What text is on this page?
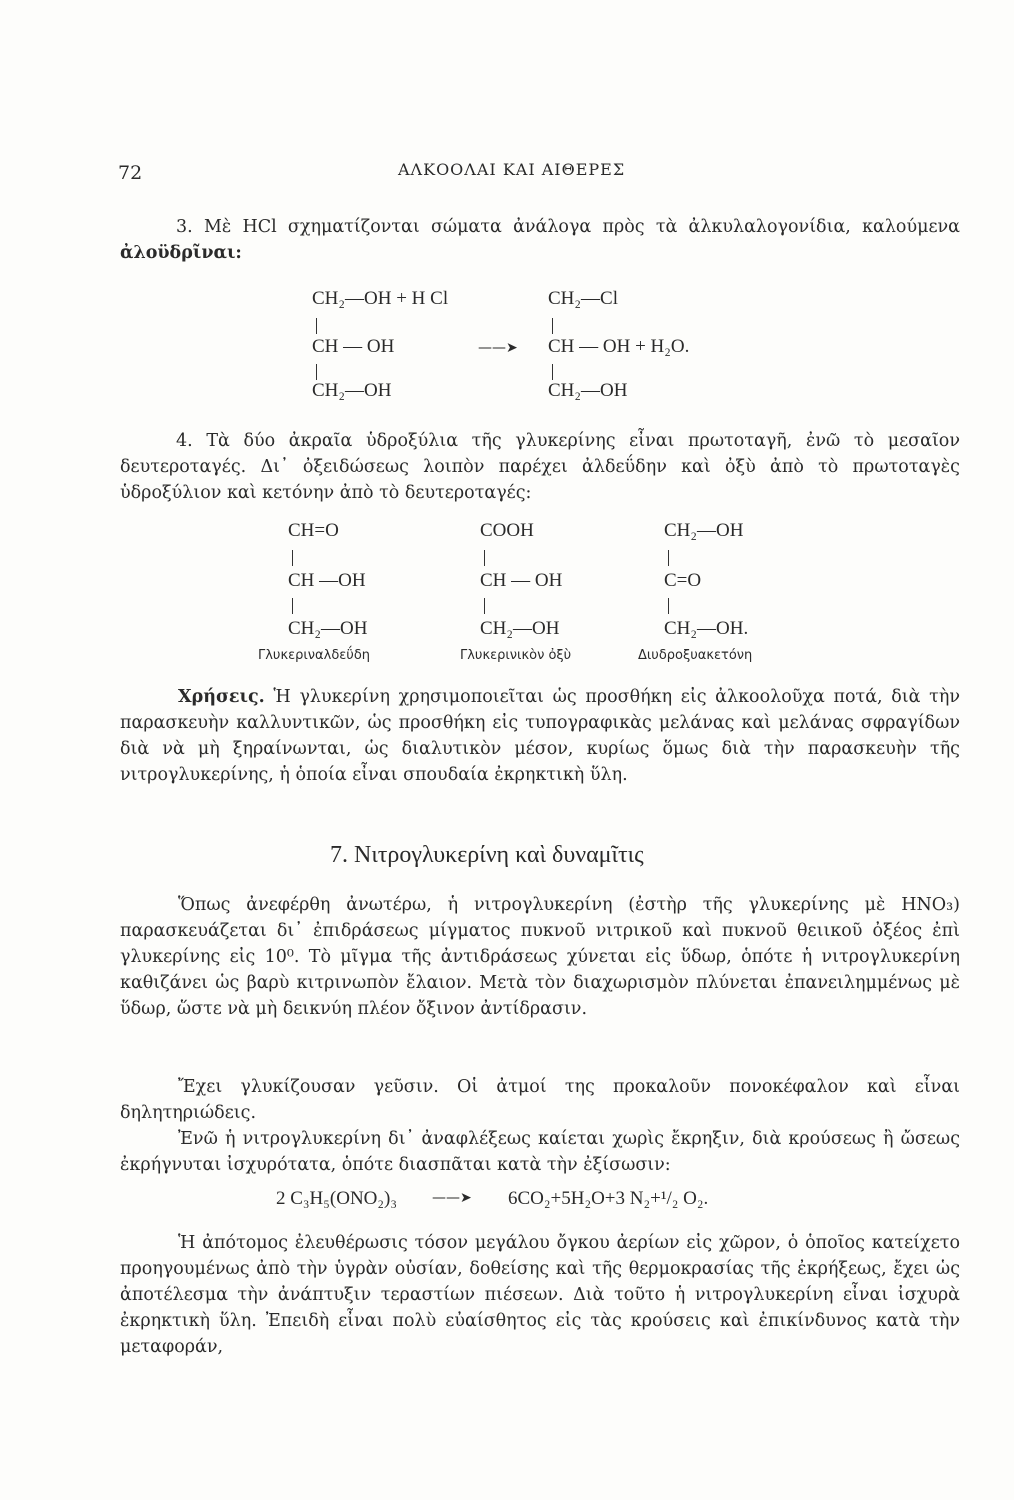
72	ΑΛΚΟΟΛΑΙ ΚΑΙ ΑΙΘΕΡΕΣ

3. Μὲ HCl σχηματίζονται σώματα ἀνάλογα πρὸς τὰ ἀλκυλαλογονίδια, καλούμενα ἀλοϋδρῖναι:

CH₂—OH + H Cl
CH — OH
CH₂—OH
——➤
CH₂—Cl
CH — OH + H₂O.
CH₂—OH

4. Τὰ δύο ἀκραῖα ὑδροξύλια τῆς γλυκερίνης εἶναι πρωτοταγῆ, ἐνῶ τὸ μεσαῖον δευτεροταγές. Δι᾽ ὀξειδώσεως λοιπὸν παρέχει ἀλδεΰδην καὶ ὀξὺ ἀπὸ τὸ πρωτοταγὲς ὑδροξύλιον καὶ κετόνην ἀπὸ τὸ δευτεροταγές:

CH=O
CH —OH
CH₂—OH
Γλυκεριναλδεΰδη
COOH
CH — OH
CH₂—OH
Γλυκερινικὸν ὀξὺ
CH₂—OH
C=O
CH₂—OH.
Διυδροξυακετόνη

Χρήσεις. Ἡ γλυκερίνη χρησιμοποιεῖται ὡς προσθήκη εἰς ἀλκοολοῦχα ποτά, διὰ τὴν παρασκευὴν καλλυντικῶν, ὡς προσθήκη εἰς τυπογραφικὰς μελάνας καὶ μελάνας σφραγίδων διὰ νὰ μὴ ξηραίνωνται, ὡς διαλυτικὸν μέσον, κυρίως ὅμως διὰ τὴν παρασκευὴν τῆς νιτρογλυκερίνης, ἡ ὁποία εἶναι σπουδαία ἐκρηκτικὴ ὕλη.

7. Νιτρογλυκερίνη καὶ δυναμῖτις

Ὅπως ἀνεφέρθη ἀνωτέρω, ἡ νιτρογλυκερίνη (ἐστὴρ τῆς γλυκερίνης μὲ HNO₃) παρασκευάζεται δι᾽ ἐπιδράσεως μίγματος πυκνοῦ νιτρικοῦ καὶ πυκνοῦ θειικοῦ ὀξέος ἐπὶ γλυκερίνης εἰς 10⁰. Τὸ μῖγμα τῆς ἀντιδράσεως χύνεται εἰς ὕδωρ, ὁπότε ἡ νιτρογλυκερίνη καθιζάνει ὡς βαρὺ κιτρινωπὸν ἔλαιον. Μετὰ τὸν διαχωρισμὸν πλύνεται ἐπανειλημμένως μὲ ὕδωρ, ὥστε νὰ μὴ δεικνύη πλέον ὄξινον ἀντίδρασιν.

Ἔχει γλυκίζουσαν γεῦσιν. Οἱ ἀτμοί της προκαλοῦν πονοκέφαλον καὶ εἶναι δηλητηριώδεις.

Ἐνῶ ἡ νιτρογλυκερίνη δι᾽ ἀναφλέξεως καίεται χωρὶς ἔκρηξιν, διὰ κρούσεως ἢ ὤσεως ἐκρήγνυται ἰσχυρότατα, ὁπότε διασπᾶται κατὰ τὴν ἐξίσωσιν:

2 C₃H₅(ONO₂)₃	——➤ 6CO₂+5H₂O+3 N₂+¹/₂ O₂.

Ἡ ἀπότομος ἐλευθέρωσις τόσον μεγάλου ὄγκου ἀερίων εἰς χῶρον, ὁ ὁποῖος κατείχετο προηγουμένως ἀπὸ τὴν ὑγρὰν οὐσίαν, δοθείσης καὶ τῆς θερμοκρασίας τῆς ἐκρήξεως, ἔχει ὡς ἀποτέλεσμα τὴν ἀνάπτυξιν τεραστίων πιέσεων. Διὰ τοῦτο ἡ νιτρογλυκερίνη εἶναι ἰσχυρὰ ἐκρηκτικὴ ὕλη. Ἐπειδὴ εἶναι πολὺ εὐαίσθητος εἰς τὰς κρούσεις καὶ ἐπικίνδυνος κατὰ τὴν μεταφοράν,
